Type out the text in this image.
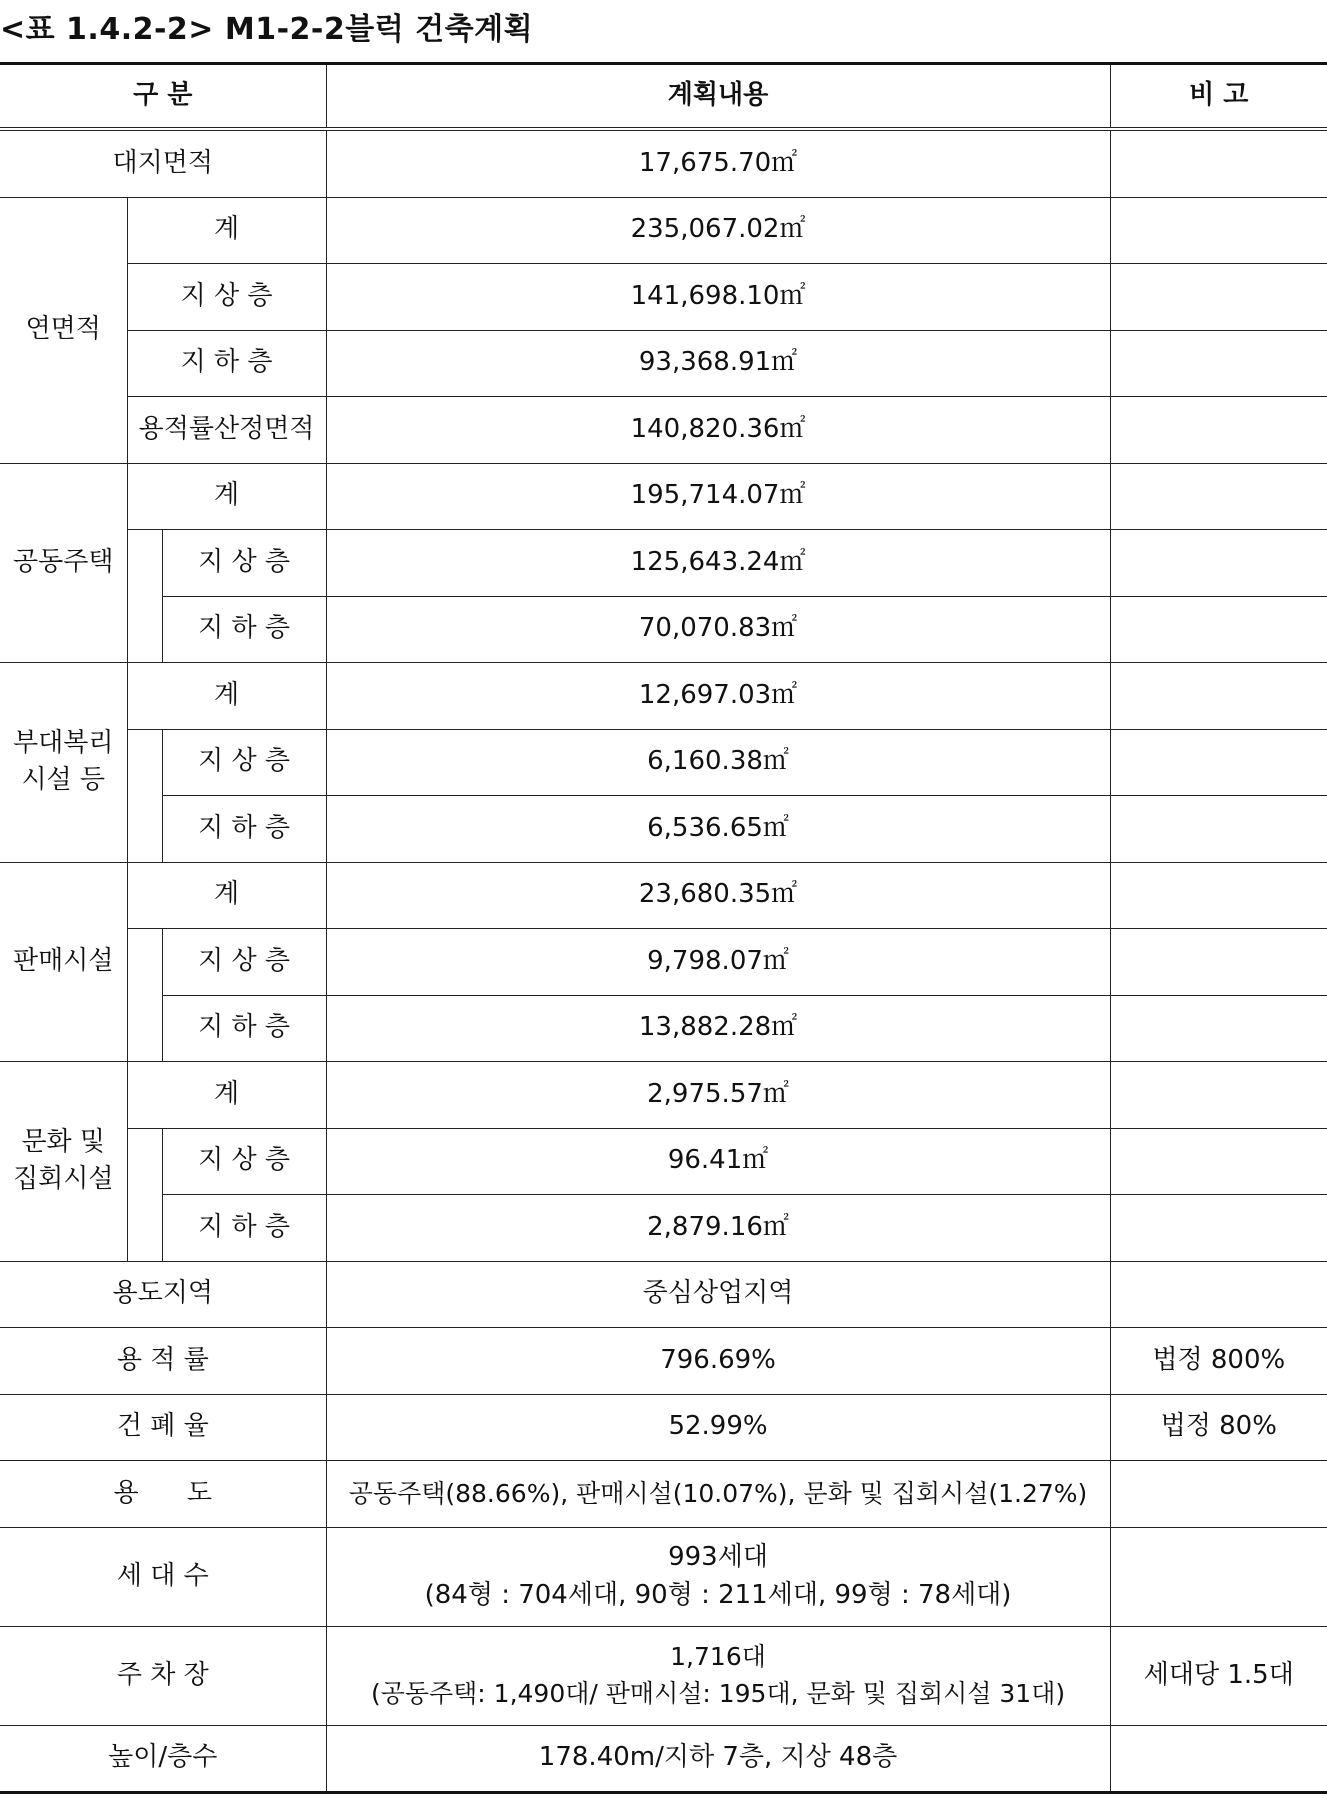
<표 1.4.2-2> M1-2-2블럭 건축계획
구 분			계획내용	비 고
대지면적			17,675.70㎡	
연면적	계		235,067.02㎡	
	지 상 층		141,698.10㎡	
	지 하 층		93,368.91㎡	
	용적률산정면적		140,820.36㎡	
공동주택	계		195,714.07㎡	
		지 상 층	125,643.24㎡	
		지 하 층	70,070.83㎡	
부대복리
시설 등	계		12,697.03㎡	
		지 상 층	6,160.38㎡	
		지 하 층	6,536.65㎡	
판매시설	계		23,680.35㎡	
		지 상 층	9,798.07㎡	
		지 하 층	13,882.28㎡	
문화 및
집회시설	계		2,975.57㎡	
		지 상 층	96.41㎡	
		지 하 층	2,879.16㎡	
용도지역			중심상업지역	
용 적 률			796.69%	법정 800%
건 폐 율			52.99%	법정 80%
용 도			공동주택(88.66%), 판매시설(10.07%), 문화 및 집회시설(1.27%)	
세 대 수			993세대
(84형 : 704세대, 90형 : 211세대, 99형 : 78세대)	
주 차 장			1,716대
(공동주택: 1,490대/ 판매시설: 195대, 문화 및 집회시설 31대)	세대당 1.5대
높이/층수			178.40m/지하 7층, 지상 48층	
